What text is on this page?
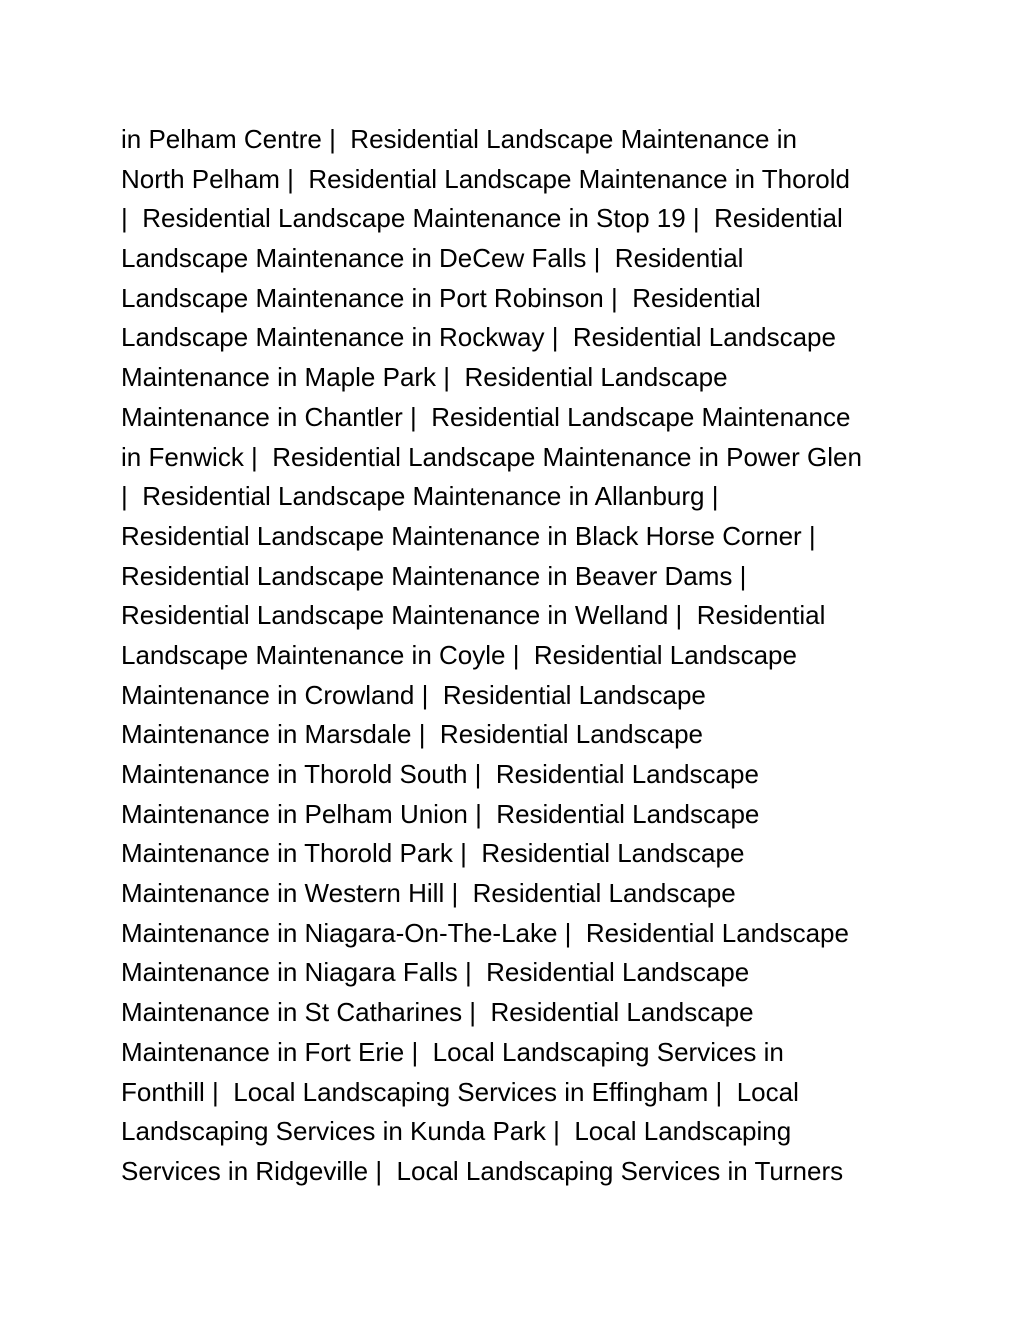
in Pelham Centre |  Residential Landscape Maintenance in
North Pelham |  Residential Landscape Maintenance in Thorold
|  Residential Landscape Maintenance in Stop 19 |  Residential
Landscape Maintenance in DeCew Falls |  Residential
Landscape Maintenance in Port Robinson |  Residential
Landscape Maintenance in Rockway |  Residential Landscape
Maintenance in Maple Park |  Residential Landscape
Maintenance in Chantler |  Residential Landscape Maintenance
in Fenwick |  Residential Landscape Maintenance in Power Glen
|  Residential Landscape Maintenance in Allanburg |
Residential Landscape Maintenance in Black Horse Corner |
Residential Landscape Maintenance in Beaver Dams |
Residential Landscape Maintenance in Welland |  Residential
Landscape Maintenance in Coyle |  Residential Landscape
Maintenance in Crowland |  Residential Landscape
Maintenance in Marsdale |  Residential Landscape
Maintenance in Thorold South |  Residential Landscape
Maintenance in Pelham Union |  Residential Landscape
Maintenance in Thorold Park |  Residential Landscape
Maintenance in Western Hill |  Residential Landscape
Maintenance in Niagara-On-The-Lake |  Residential Landscape
Maintenance in Niagara Falls |  Residential Landscape
Maintenance in St Catharines |  Residential Landscape
Maintenance in Fort Erie |  Local Landscaping Services in
Fonthill |  Local Landscaping Services in Effingham |  Local
Landscaping Services in Kunda Park |  Local Landscaping
Services in Ridgeville |  Local Landscaping Services in Turners
